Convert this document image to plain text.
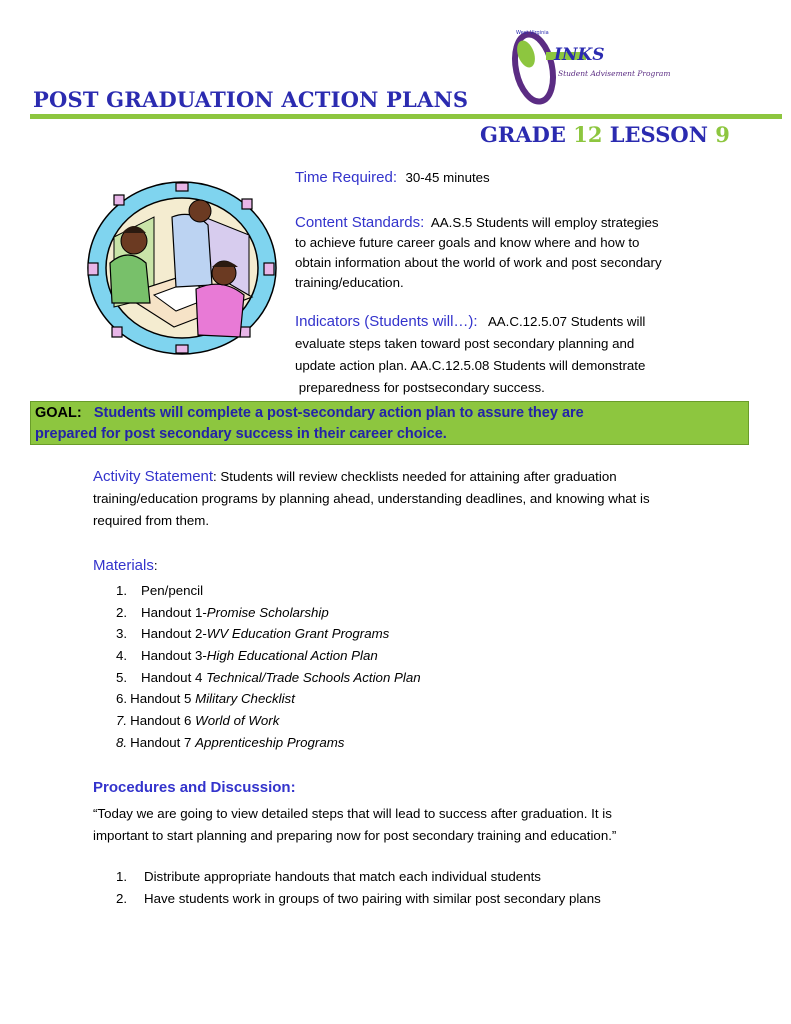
West Virginia
INKS
Student Advisement Program
POST GRADUATION ACTION PLANS
GRADE 12 LESSON 9
Time Required: 30-45 minutes
Content Standards: AA.S.5 Students will employ strategies
to achieve future career goals and know where and how to
obtain information about the world of work and post secondary
training/education.
Indicators (Students will…): AA.C.12.5.07 Students will
evaluate steps taken toward post secondary planning and
update action plan. AA.C.12.5.08 Students will demonstrate
preparedness for postsecondary success.
GOAL: Students will complete a post-secondary action plan to assure they are
prepared for post secondary success in their career choice.
Activity Statement: Students will review checklists needed for attaining after graduation
training/education programs by planning ahead, understanding deadlines, and knowing what is
required from them.
Materials:
1. Pen/pencil
2. Handout 1-Promise Scholarship
3. Handout 2-WV Education Grant Programs
4. Handout 3-High Educational Action Plan
5. Handout 4 Technical/Trade Schools Action Plan
6. Handout 5 Military Checklist
7. Handout 6 World of Work
8. Handout 7 Apprenticeship Programs
Procedures and Discussion:
“Today we are going to view detailed steps that will lead to success after graduation. It is
important to start planning and preparing now for post secondary training and education.”
1. Distribute appropriate handouts that match each individual students
2. Have students work in groups of two pairing with similar post secondary plans
